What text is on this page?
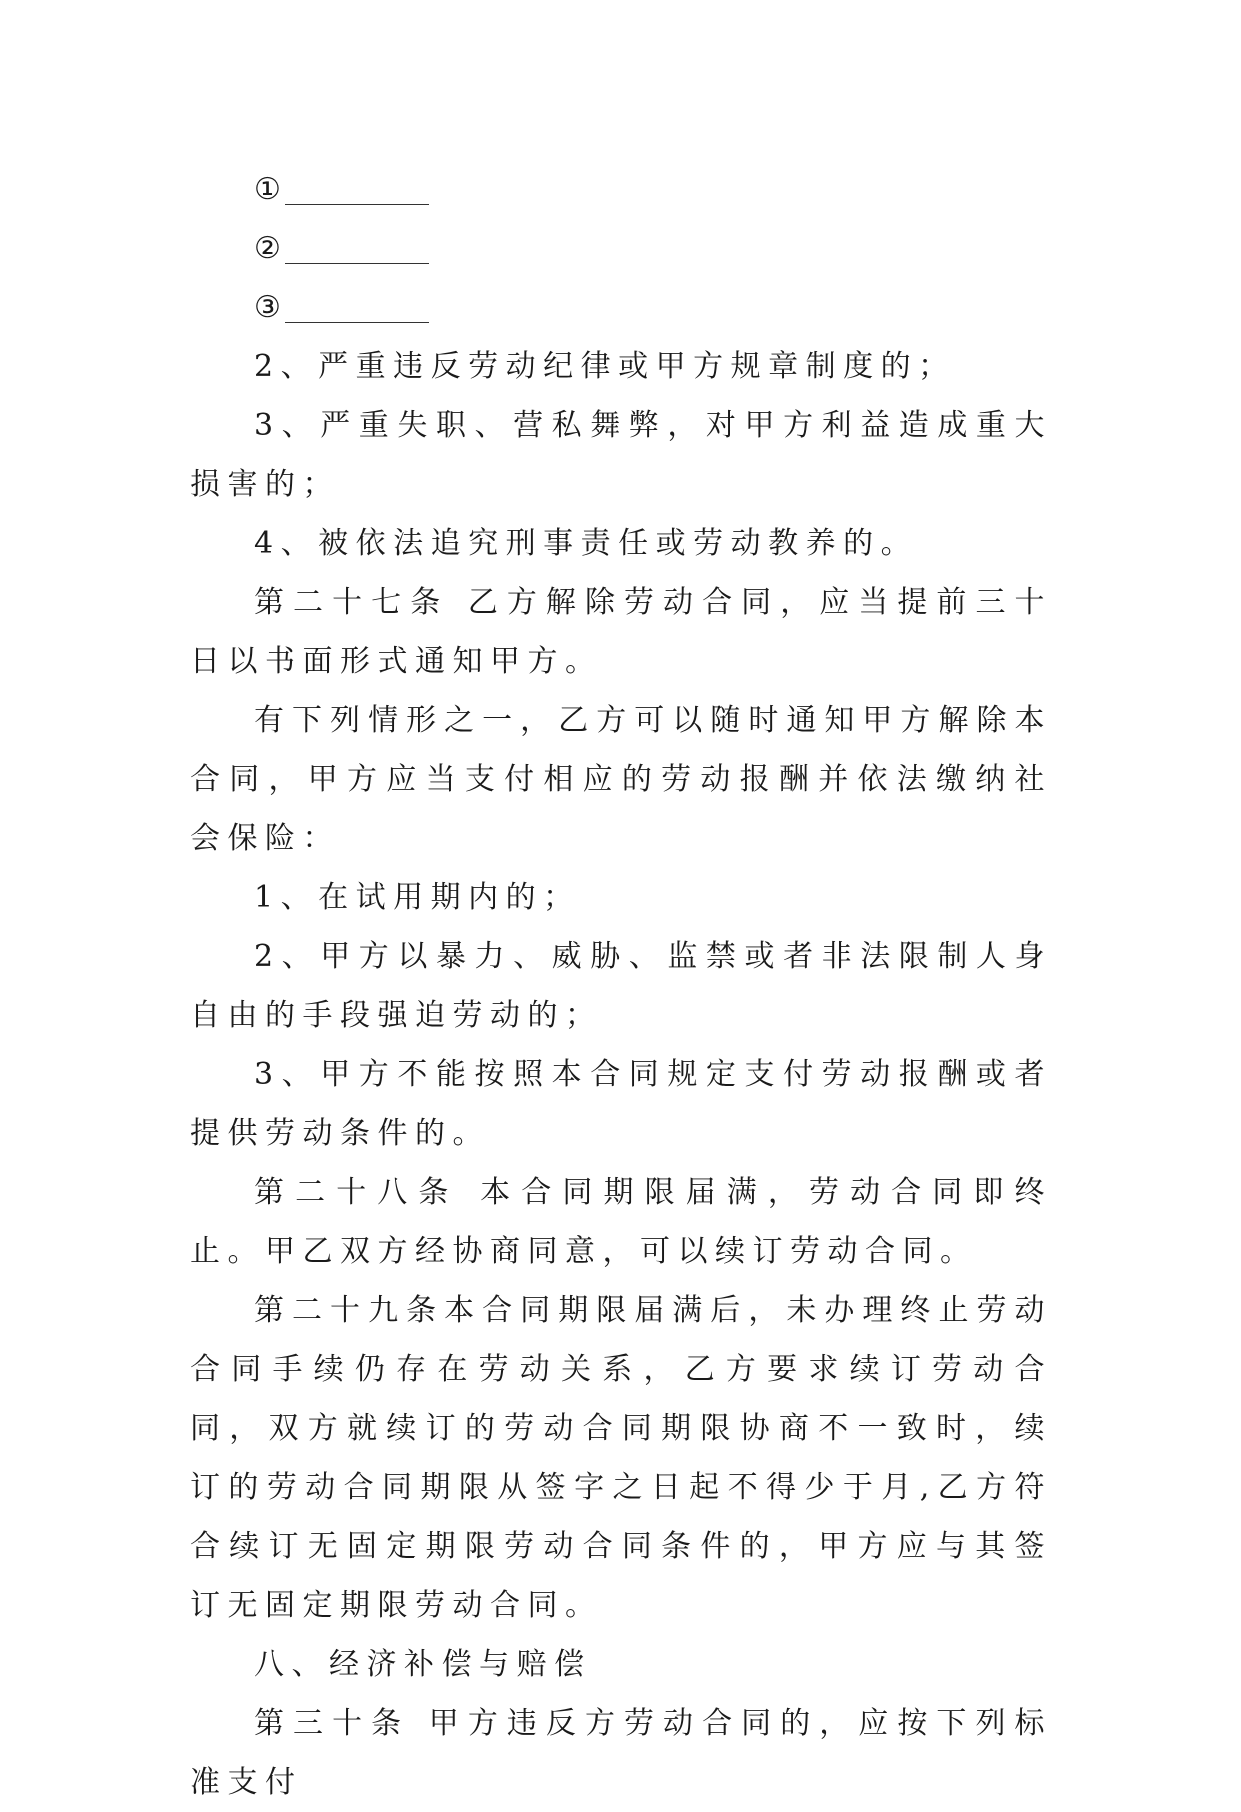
①
②
③

2、严重违反劳动纪律或甲方规章制度的；

3、严重失职、营私舞弊，对甲方利益造成重大损害的；

4、被依法追究刑事责任或劳动教养的。

第二十七条 乙方解除劳动合同，应当提前三十日以书面形式通知甲方。

有下列情形之一，乙方可以随时通知甲方解除本合同，甲方应当支付相应的劳动报酬并依法缴纳社会保险：

1、在试用期内的；

2、甲方以暴力、威胁、监禁或者非法限制人身自由的手段强迫劳动的；

3、甲方不能按照本合同规定支付劳动报酬或者提供劳动条件的。

第二十八条 本合同期限届满，劳动合同即终止。甲乙双方经协商同意，可以续订劳动合同。

第二十九条本合同期限届满后，未办理终止劳动合同手续仍存在劳动关系，乙方要求续订劳动合同，双方就续订的劳动合同期限协商不一致时，续订的劳动合同期限从签字之日起不得少于月,乙方符合续订无固定期限劳动合同条件的，甲方应与其签订无固定期限劳动合同。

八、经济补偿与赔偿

第三十条 甲方违反方劳动合同的，应按下列标准支付
